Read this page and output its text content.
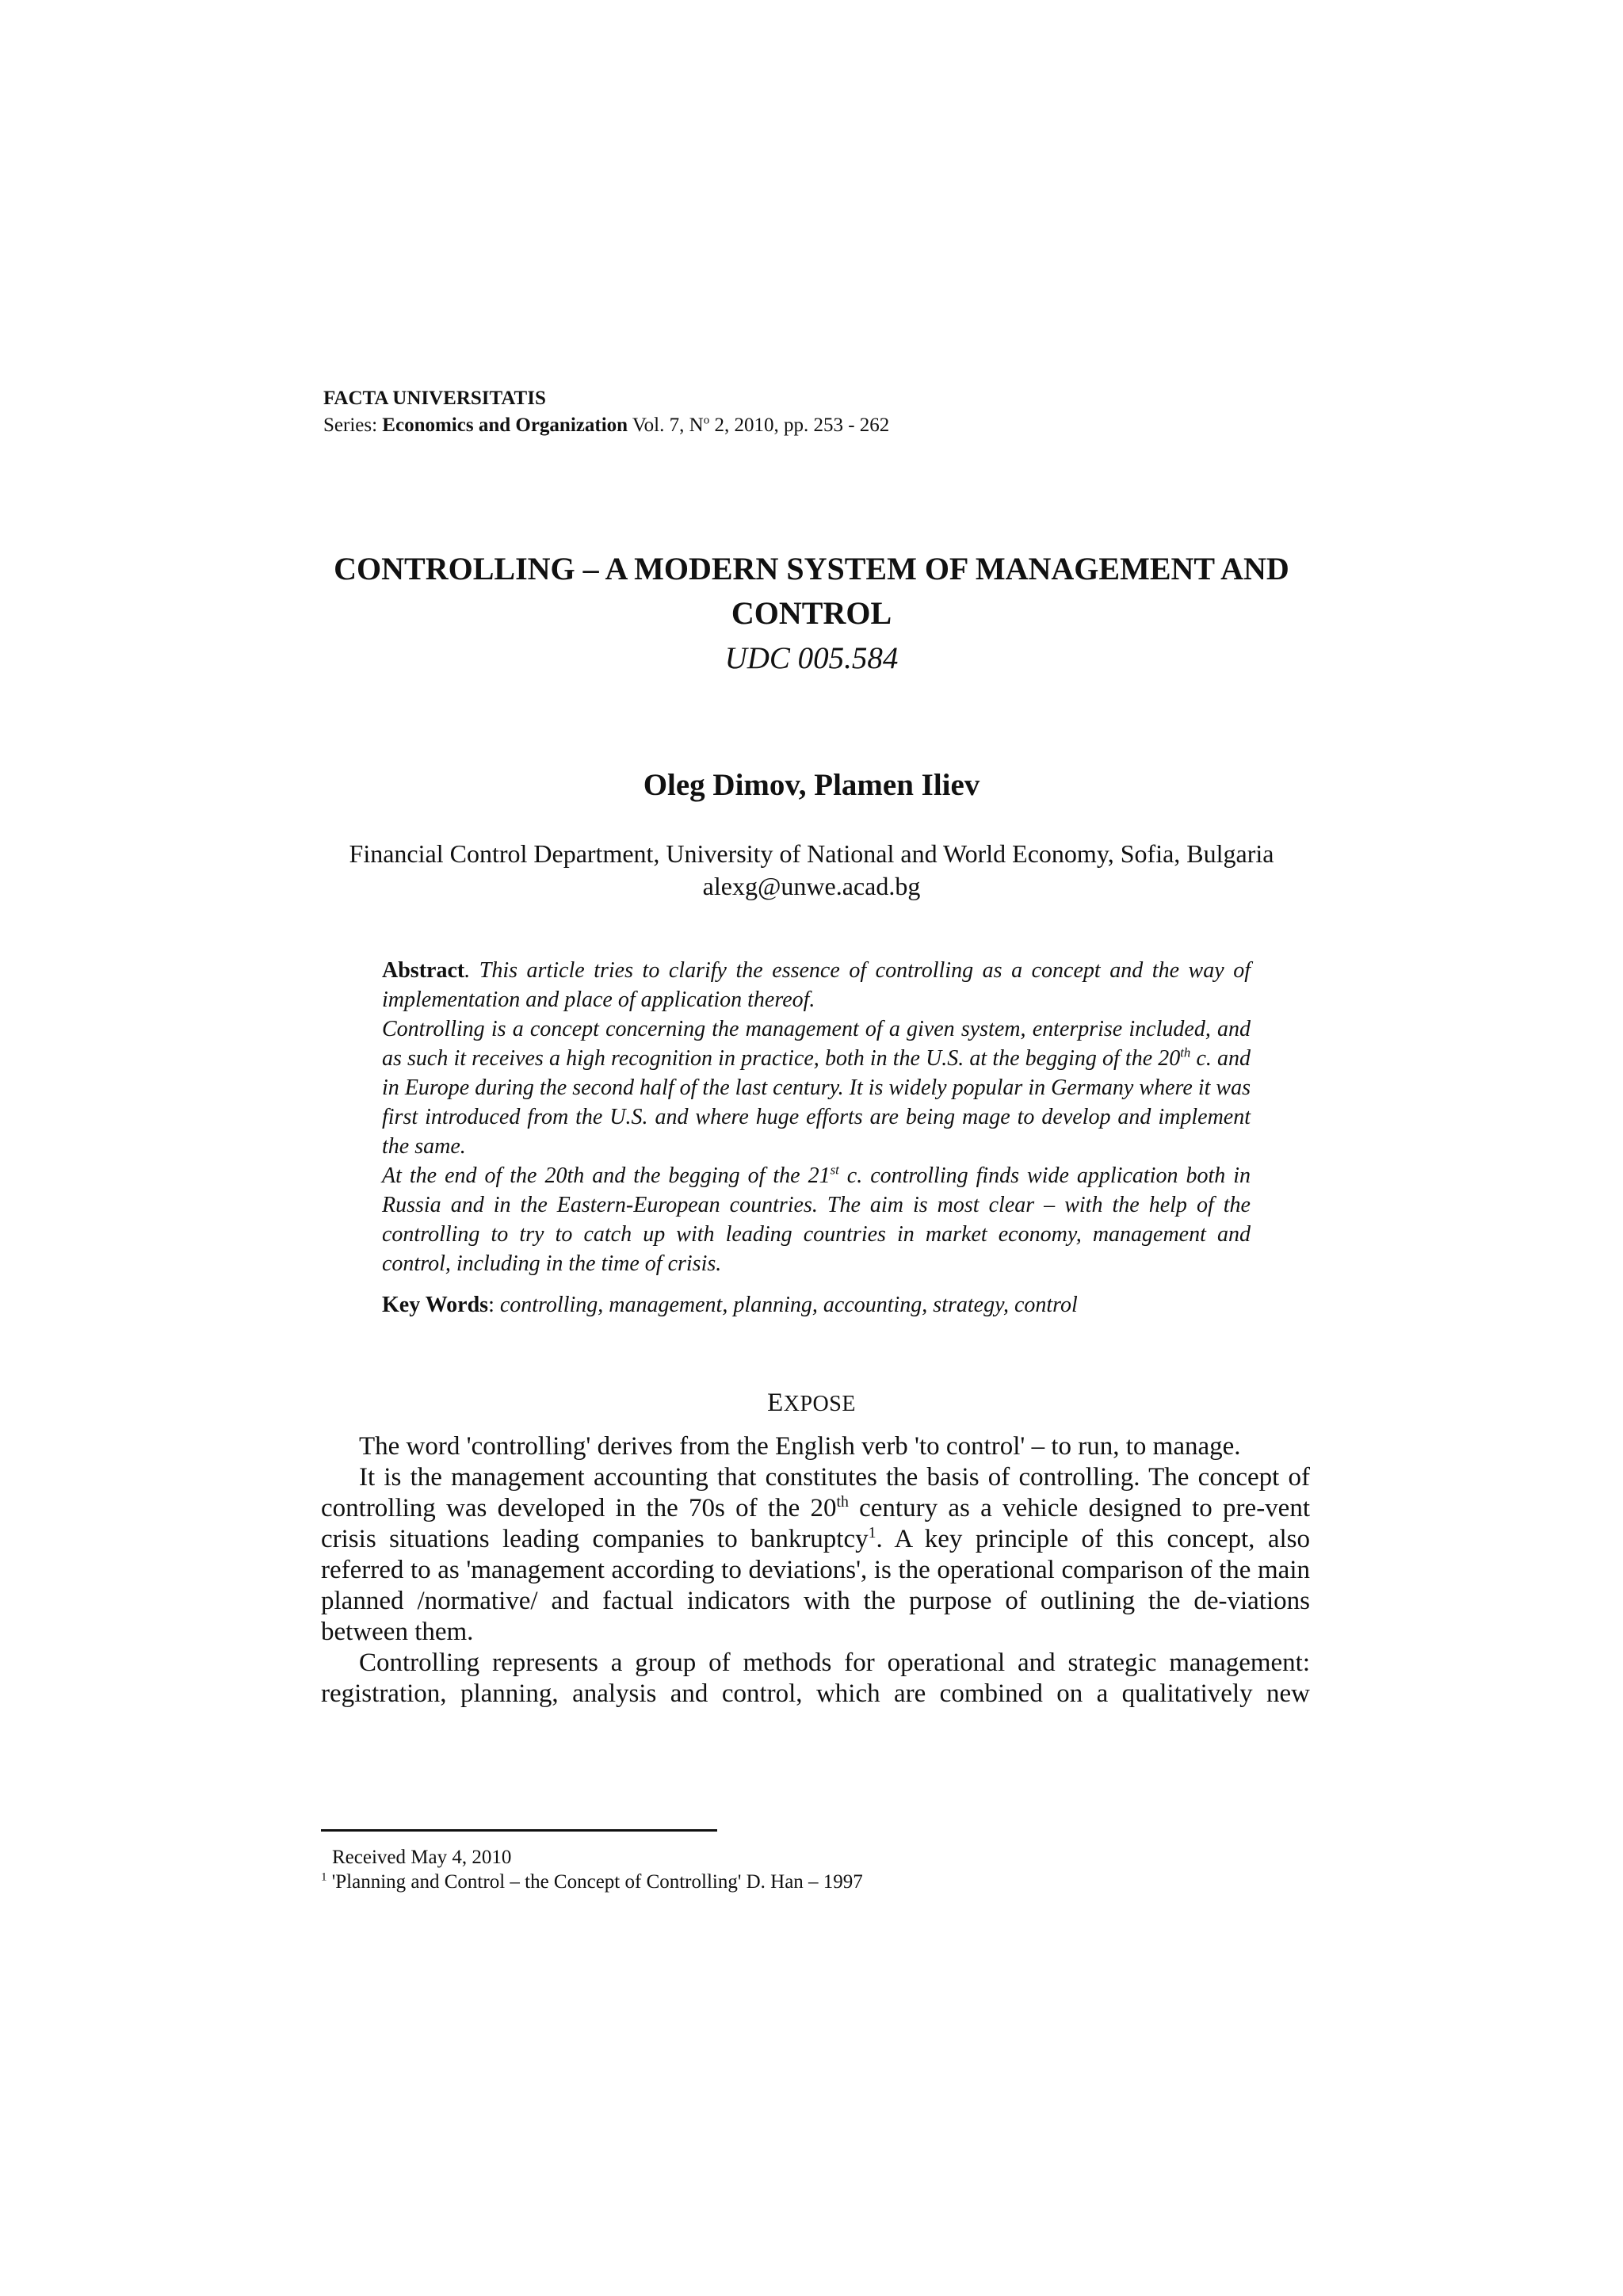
FACTA UNIVERSITATIS
Series: Economics and Organization Vol. 7, $N^o$ 2, 2010, pp. 253 - 262
CONTROLLING – A MODERN SYSTEM OF MANAGEMENT AND CONTROL
UDC 005.584
Oleg Dimov, Plamen Iliev
Financial Control Department, University of National and World Economy, Sofia, Bulgaria
alexg@unwe.acad.bg

Abstract. This article tries to clarify the essence of controlling as a concept and the way of implementation and place of application thereof.

Controlling is a concept concerning the management of a given system, enterprise included, and as such it receives a high recognition in practice, both in the U.S. at the begging of the 20th c. and in Europe during the second half of the last century. It is widely popular in Germany where it was first introduced from the U.S. and where huge efforts are being mage to develop and implement the same.

At the end of the 20th and the begging of the 21st c. controlling finds wide application both in Russia and in the Eastern-European countries. The aim is most clear – with the help of the controlling to try to catch up with leading countries in market economy, management and control, including in the time of crisis.

Key Words: controlling, management, planning, accounting, strategy, control
EXPOSE

The word 'controlling' derives from the English verb 'to control' – to run, to manage.

It is the management accounting that constitutes the basis of controlling. The concept of controlling was developed in the 70s of the 20th century as a vehicle designed to pre-vent crisis situations leading companies to bankruptcy$^1$. A key principle of this concept, also referred to as 'management according to deviations', is the operational comparison of the main planned /normative/ and factual indicators with the purpose of outlining the de-viations between them.

Controlling represents a group of methods for operational and strategic management: registration, planning, analysis and control, which are combined on a qualitatively new

Received May 4, 2010
$^1$ 'Planning and Control – the Concept of Controlling' D. Han – 1997
